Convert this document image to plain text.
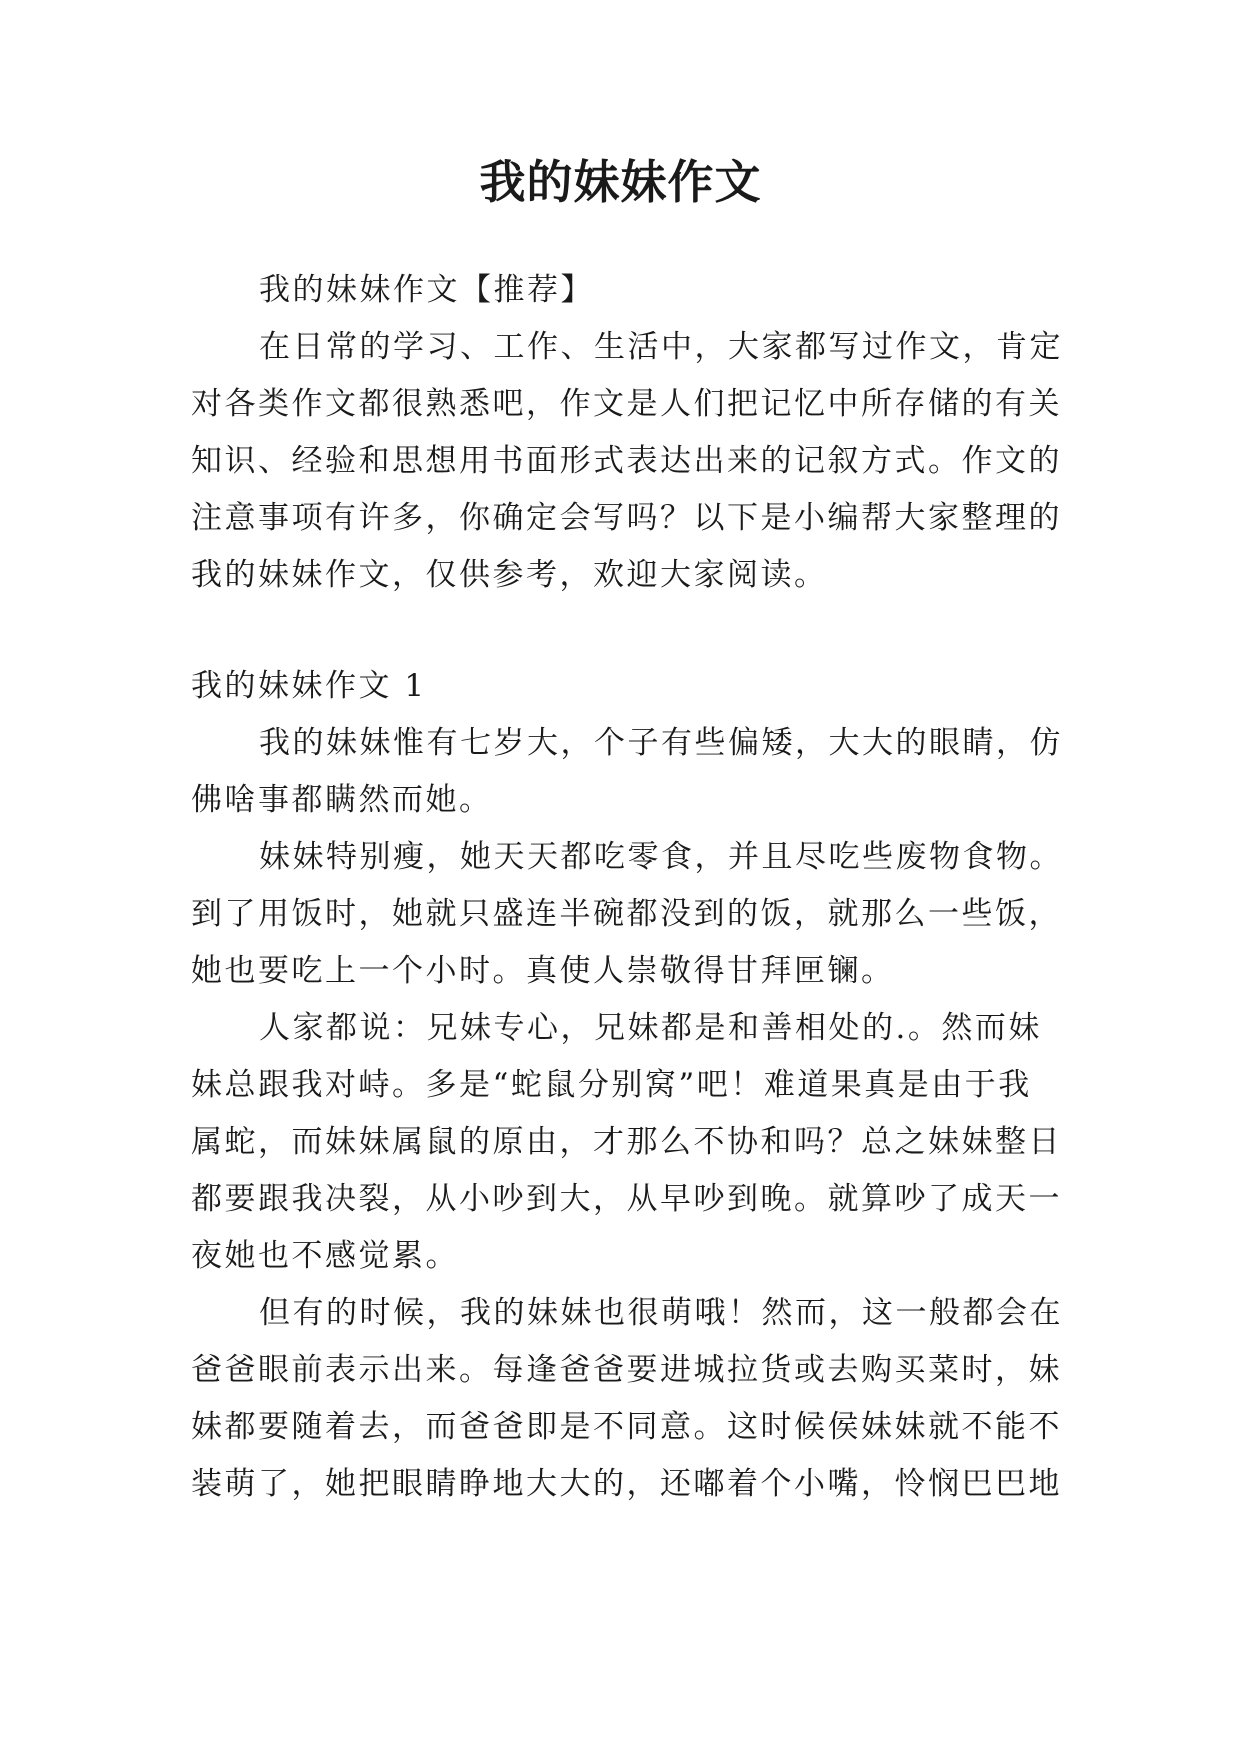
我的妹妹作文

我的妹妹作文【推荐】

在日常的学习、工作、生活中，大家都写过作文，肯定
对各类作文都很熟悉吧，作文是人们把记忆中所存储的有关
知识、经验和思想用书面形式表达出来的记叙方式。作文的
注意事项有许多，你确定会写吗？以下是小编帮大家整理的
我的妹妹作文，仅供参考，欢迎大家阅读。

我的妹妹作文 1

我的妹妹惟有七岁大，个子有些偏矮，大大的眼睛，仿
佛啥事都瞒然而她。

妹妹特别瘦，她天天都吃零食，并且尽吃些废物食物。
到了用饭时，她就只盛连半碗都没到的饭，就那么一些饭，
她也要吃上一个小时。真使人崇敬得甘拜匣镧。

人家都说：兄妹专心，兄妹都是和善相处的.。然而妹
妹总跟我对峙。多是“蛇鼠分别窝”吧！难道果真是由于我
属蛇，而妹妹属鼠的原由，才那么不协和吗？总之妹妹整日
都要跟我决裂，从小吵到大，从早吵到晚。就算吵了成天一
夜她也不感觉累。

但有的时候，我的妹妹也很萌哦！然而，这一般都会在
爸爸眼前表示出来。每逢爸爸要进城拉货或去购买菜时，妹
妹都要随着去，而爸爸即是不同意。这时候侯妹妹就不能不
装萌了，她把眼睛睁地大大的，还嘟着个小嘴，怜悯巴巴地
